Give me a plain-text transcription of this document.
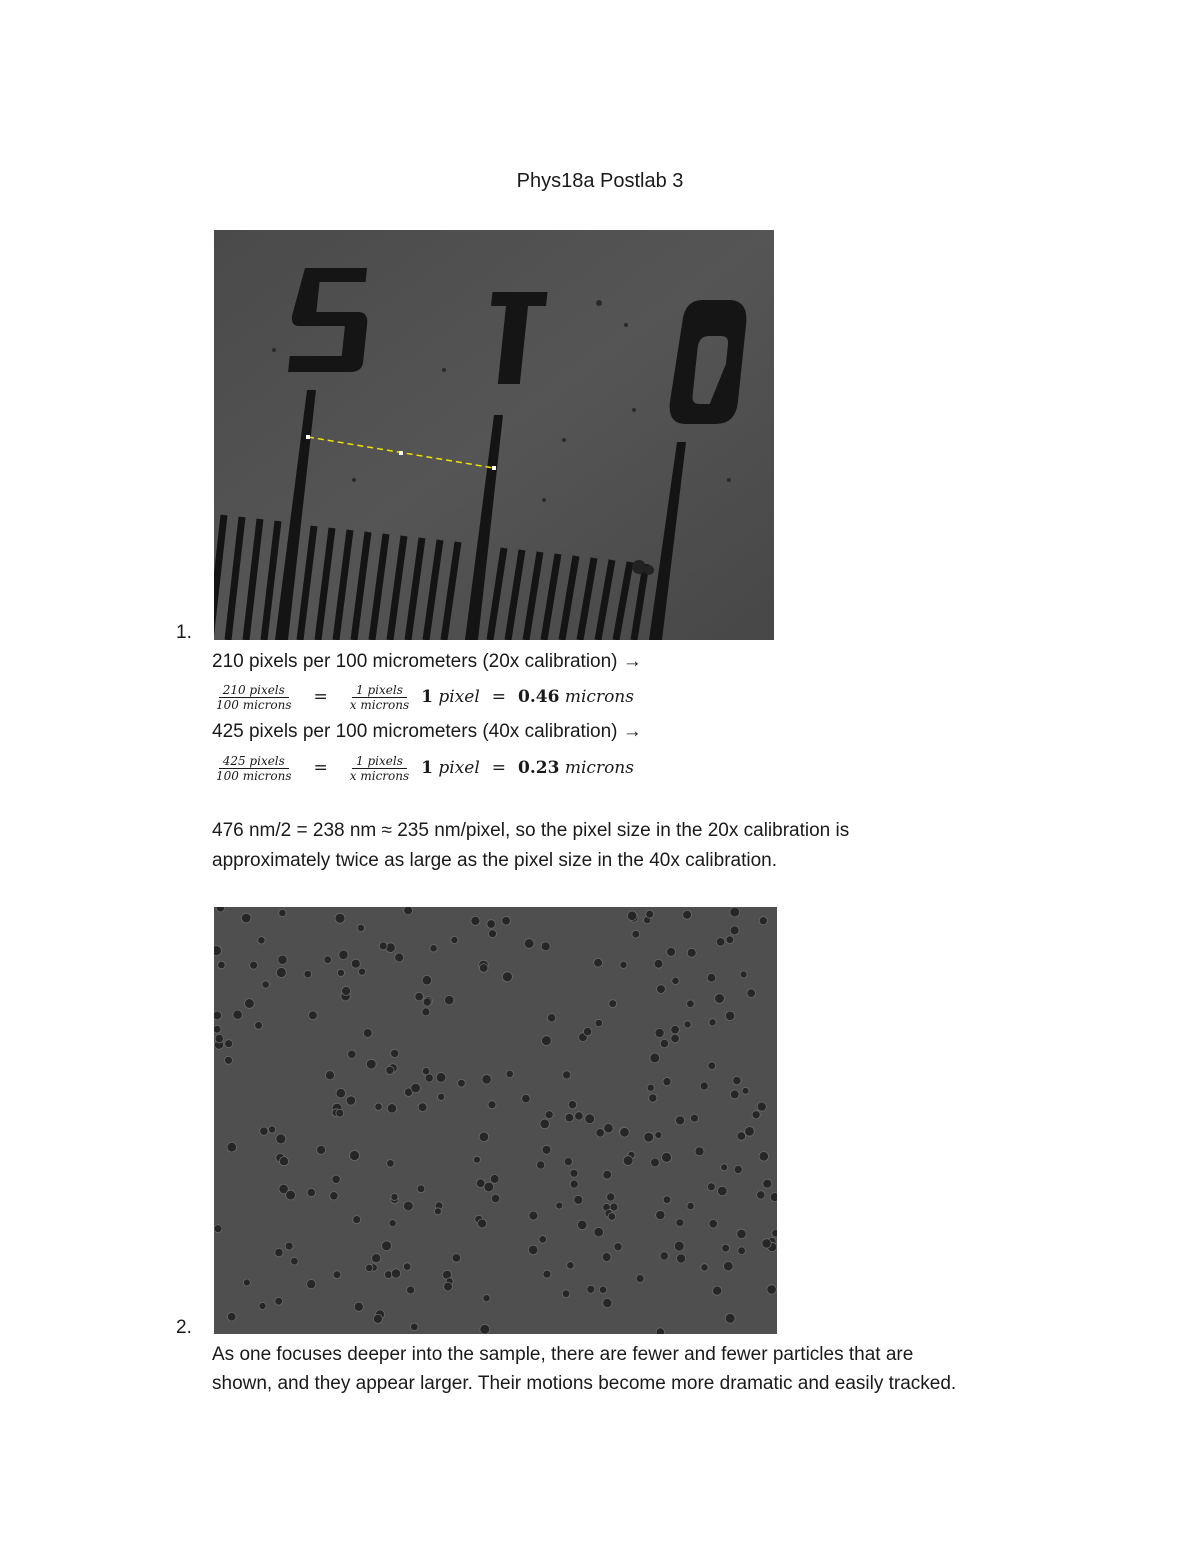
Phys18a Postlab 3
1.
210 pixels per 100 micrometers (20x calibration) →
$\frac{\text{210 pixels}}{\text{100 microns}} = \frac{\text{1 pixels}}{\text{x microns}} 1$ pixel = 0.46 microns
425 pixels per 100 micrometers (40x calibration) →
$\frac{\text{425 pixels}}{\text{100 microns}} = \frac{\text{1 pixels}}{\text{x microns}} 1$ pixel = 0.23 microns
476 nm/2 = 238 nm ≈ 235 nm/pixel, so the pixel size in the 20x calibration is
approximately twice as large as the pixel size in the 40x calibration.
2.
As one focuses deeper into the sample, there are fewer and fewer particles that are
shown, and they appear larger. Their motions become more dramatic and easily tracked.
